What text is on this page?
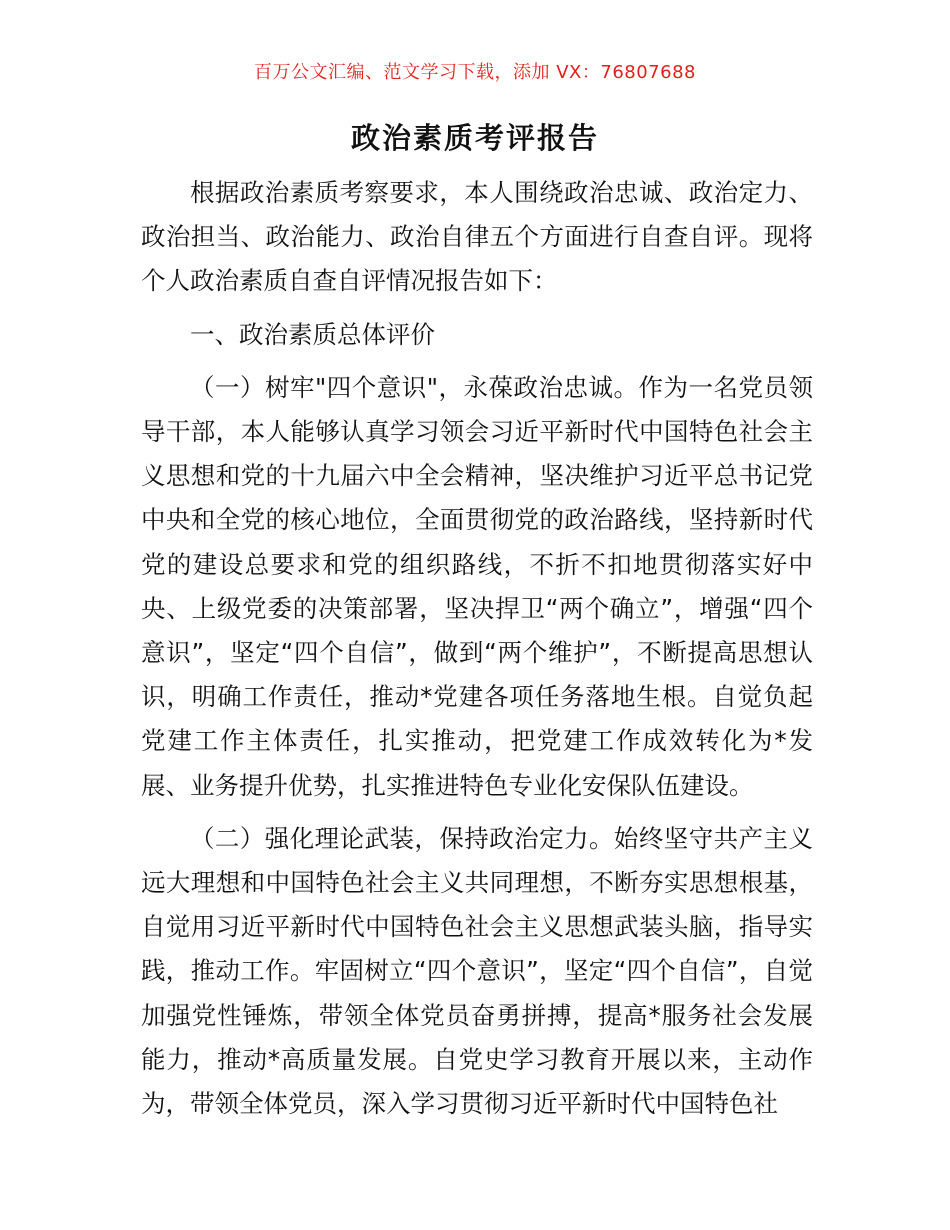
百万公文汇编、范文学习下载，添加 VX：76807688
政治素质考评报告

根据政治素质考察要求，本人围绕政治忠诚、政治定力、政治担当、政治能力、政治自律五个方面进行自查自评。现将个人政治素质自查自评情况报告如下：

一、政治素质总体评价

（一）树牢"四个意识"，永葆政治忠诚。作为一名党员领导干部，本人能够认真学习领会习近平新时代中国特色社会主义思想和党的十九届六中全会精神，坚决维护习近平总书记党中央和全党的核心地位，全面贯彻党的政治路线，坚持新时代党的建设总要求和党的组织路线，不折不扣地贯彻落实好中央、上级党委的决策部署，坚决捍卫“两个确立”，增强“四个意识”，坚定“四个自信”，做到“两个维护”，不断提高思想认识，明确工作责任，推动*党建各项任务落地生根。自觉负起党建工作主体责任，扎实推动，把党建工作成效转化为*发展、业务提升优势，扎实推进特色专业化安保队伍建设。

（二）强化理论武装，保持政治定力。始终坚守共产主义远大理想和中国特色社会主义共同理想，不断夯实思想根基，自觉用习近平新时代中国特色社会主义思想武装头脑，指导实践，推动工作。牢固树立“四个意识”，坚定“四个自信”，自觉加强党性锤炼，带领全体党员奋勇拼搏，提高*服务社会发展能力，推动*高质量发展。自党史学习教育开展以来，主动作为，带领全体党员，深入学习贯彻习近平新时代中国特色社
